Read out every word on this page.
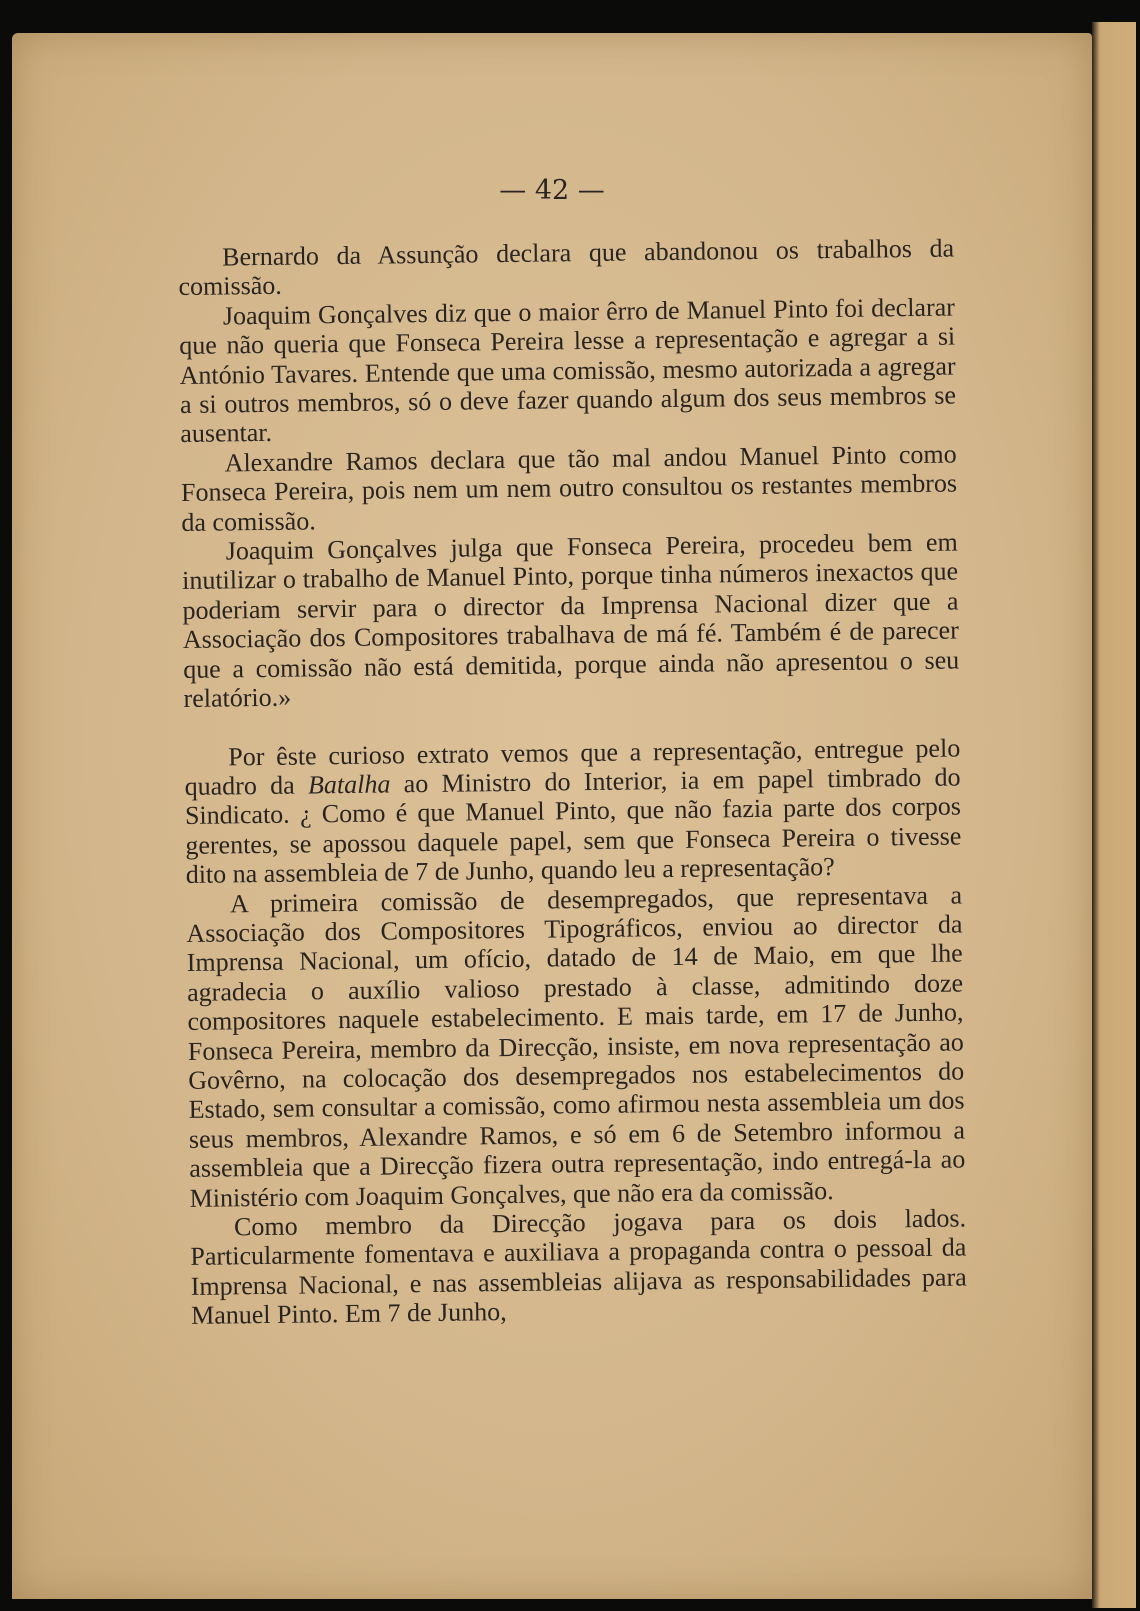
— 42 —

Bernardo da Assunção declara que abandonou os trabalhos da comissão.

Joaquim Gonçalves diz que o maior êrro de Manuel Pinto foi declarar que não queria que Fonseca Pereira lesse a representação e agregar a si António Tavares. Entende que uma comissão, mesmo autorizada a agregar a si outros membros, só o deve fazer quando algum dos seus membros se ausentar.

Alexandre Ramos declara que tão mal andou Manuel Pinto como Fonseca Pereira, pois nem um nem outro consultou os restantes membros da comissão.

Joaquim Gonçalves julga que Fonseca Pereira, procedeu bem em inutilizar o trabalho de Manuel Pinto, porque tinha números inexactos que poderiam servir para o director da Imprensa Nacional dizer que a Associação dos Compositores trabalhava de má fé. Também é de parecer que a comissão não está demitida, porque ainda não apresentou o seu relatório.»

Por êste curioso extrato vemos que a representação, entregue pelo quadro da Batalha ao Ministro do Interior, ia em papel timbrado do Sindicato. ¿ Como é que Manuel Pinto, que não fazia parte dos corpos gerentes, se apossou daquele papel, sem que Fonseca Pereira o tivesse dito na assembleia de 7 de Junho, quando leu a representação?

A primeira comissão de desempregados, que representava a Associação dos Compositores Tipográficos, enviou ao director da Imprensa Nacional, um ofício, datado de 14 de Maio, em que lhe agradecia o auxílio valioso prestado à classe, admitindo doze compositores naquele estabelecimento. E mais tarde, em 17 de Junho, Fonseca Pereira, membro da Direcção, insiste, em nova representação ao Govêrno, na colocação dos desempregados nos estabelecimentos do Estado, sem consultar a comissão, como afirmou nesta assembleia um dos seus membros, Alexandre Ramos, e só em 6 de Setembro informou a assembleia que a Direcção fizera outra representação, indo entregá-la ao Ministério com Joaquim Gonçalves, que não era da comissão.

Como membro da Direcção jogava para os dois lados. Particularmente fomentava e auxiliava a propaganda contra o pessoal da Imprensa Nacional, e nas assembleias alijava as responsabilidades para Manuel Pinto. Em 7 de Junho,
